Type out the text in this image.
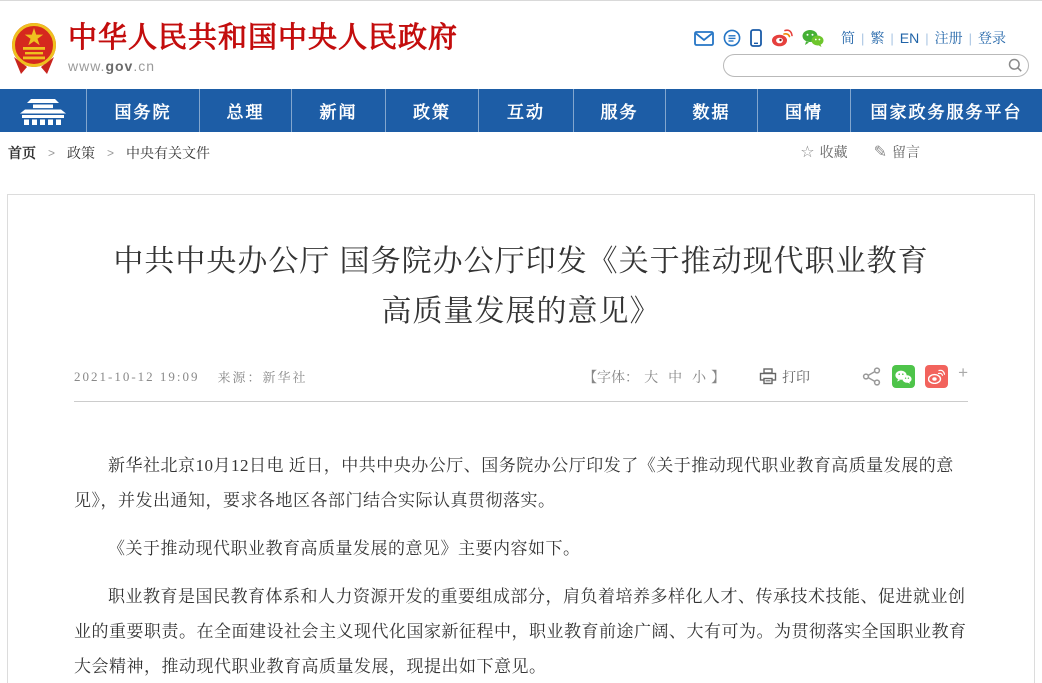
中华人民共和国中央人民政府
www.gov.cn
简 | 繁 | EN | 注册 | 登录
国务院	总理	新闻	政策	互动	服务	数据	国情	国家政务服务平台
首页 > 政策 > 中央有关文件	☆ 收藏 ✎ 留言
中共中央办公厅 国务院办公厅印发《关于推动现代职业教育高质量发展的意见》
2021-10-12 19:09 来源：新华社	【字体： 大 中 小 】	打印	+

新华社北京10月12日电 近日，中共中央办公厅、国务院办公厅印发了《关于推动现代职业教育高质量发展的意见》，并发出通知，要求各地区各部门结合实际认真贯彻落实。

《关于推动现代职业教育高质量发展的意见》主要内容如下。

职业教育是国民教育体系和人力资源开发的重要组成部分，肩负着培养多样化人才、传承技术技能、促进就业创业的重要职责。在全面建设社会主义现代化国家新征程中，职业教育前途广阔、大有可为。为贯彻落实全国职业教育大会精神，推动现代职业教育高质量发展，现提出如下意见。
